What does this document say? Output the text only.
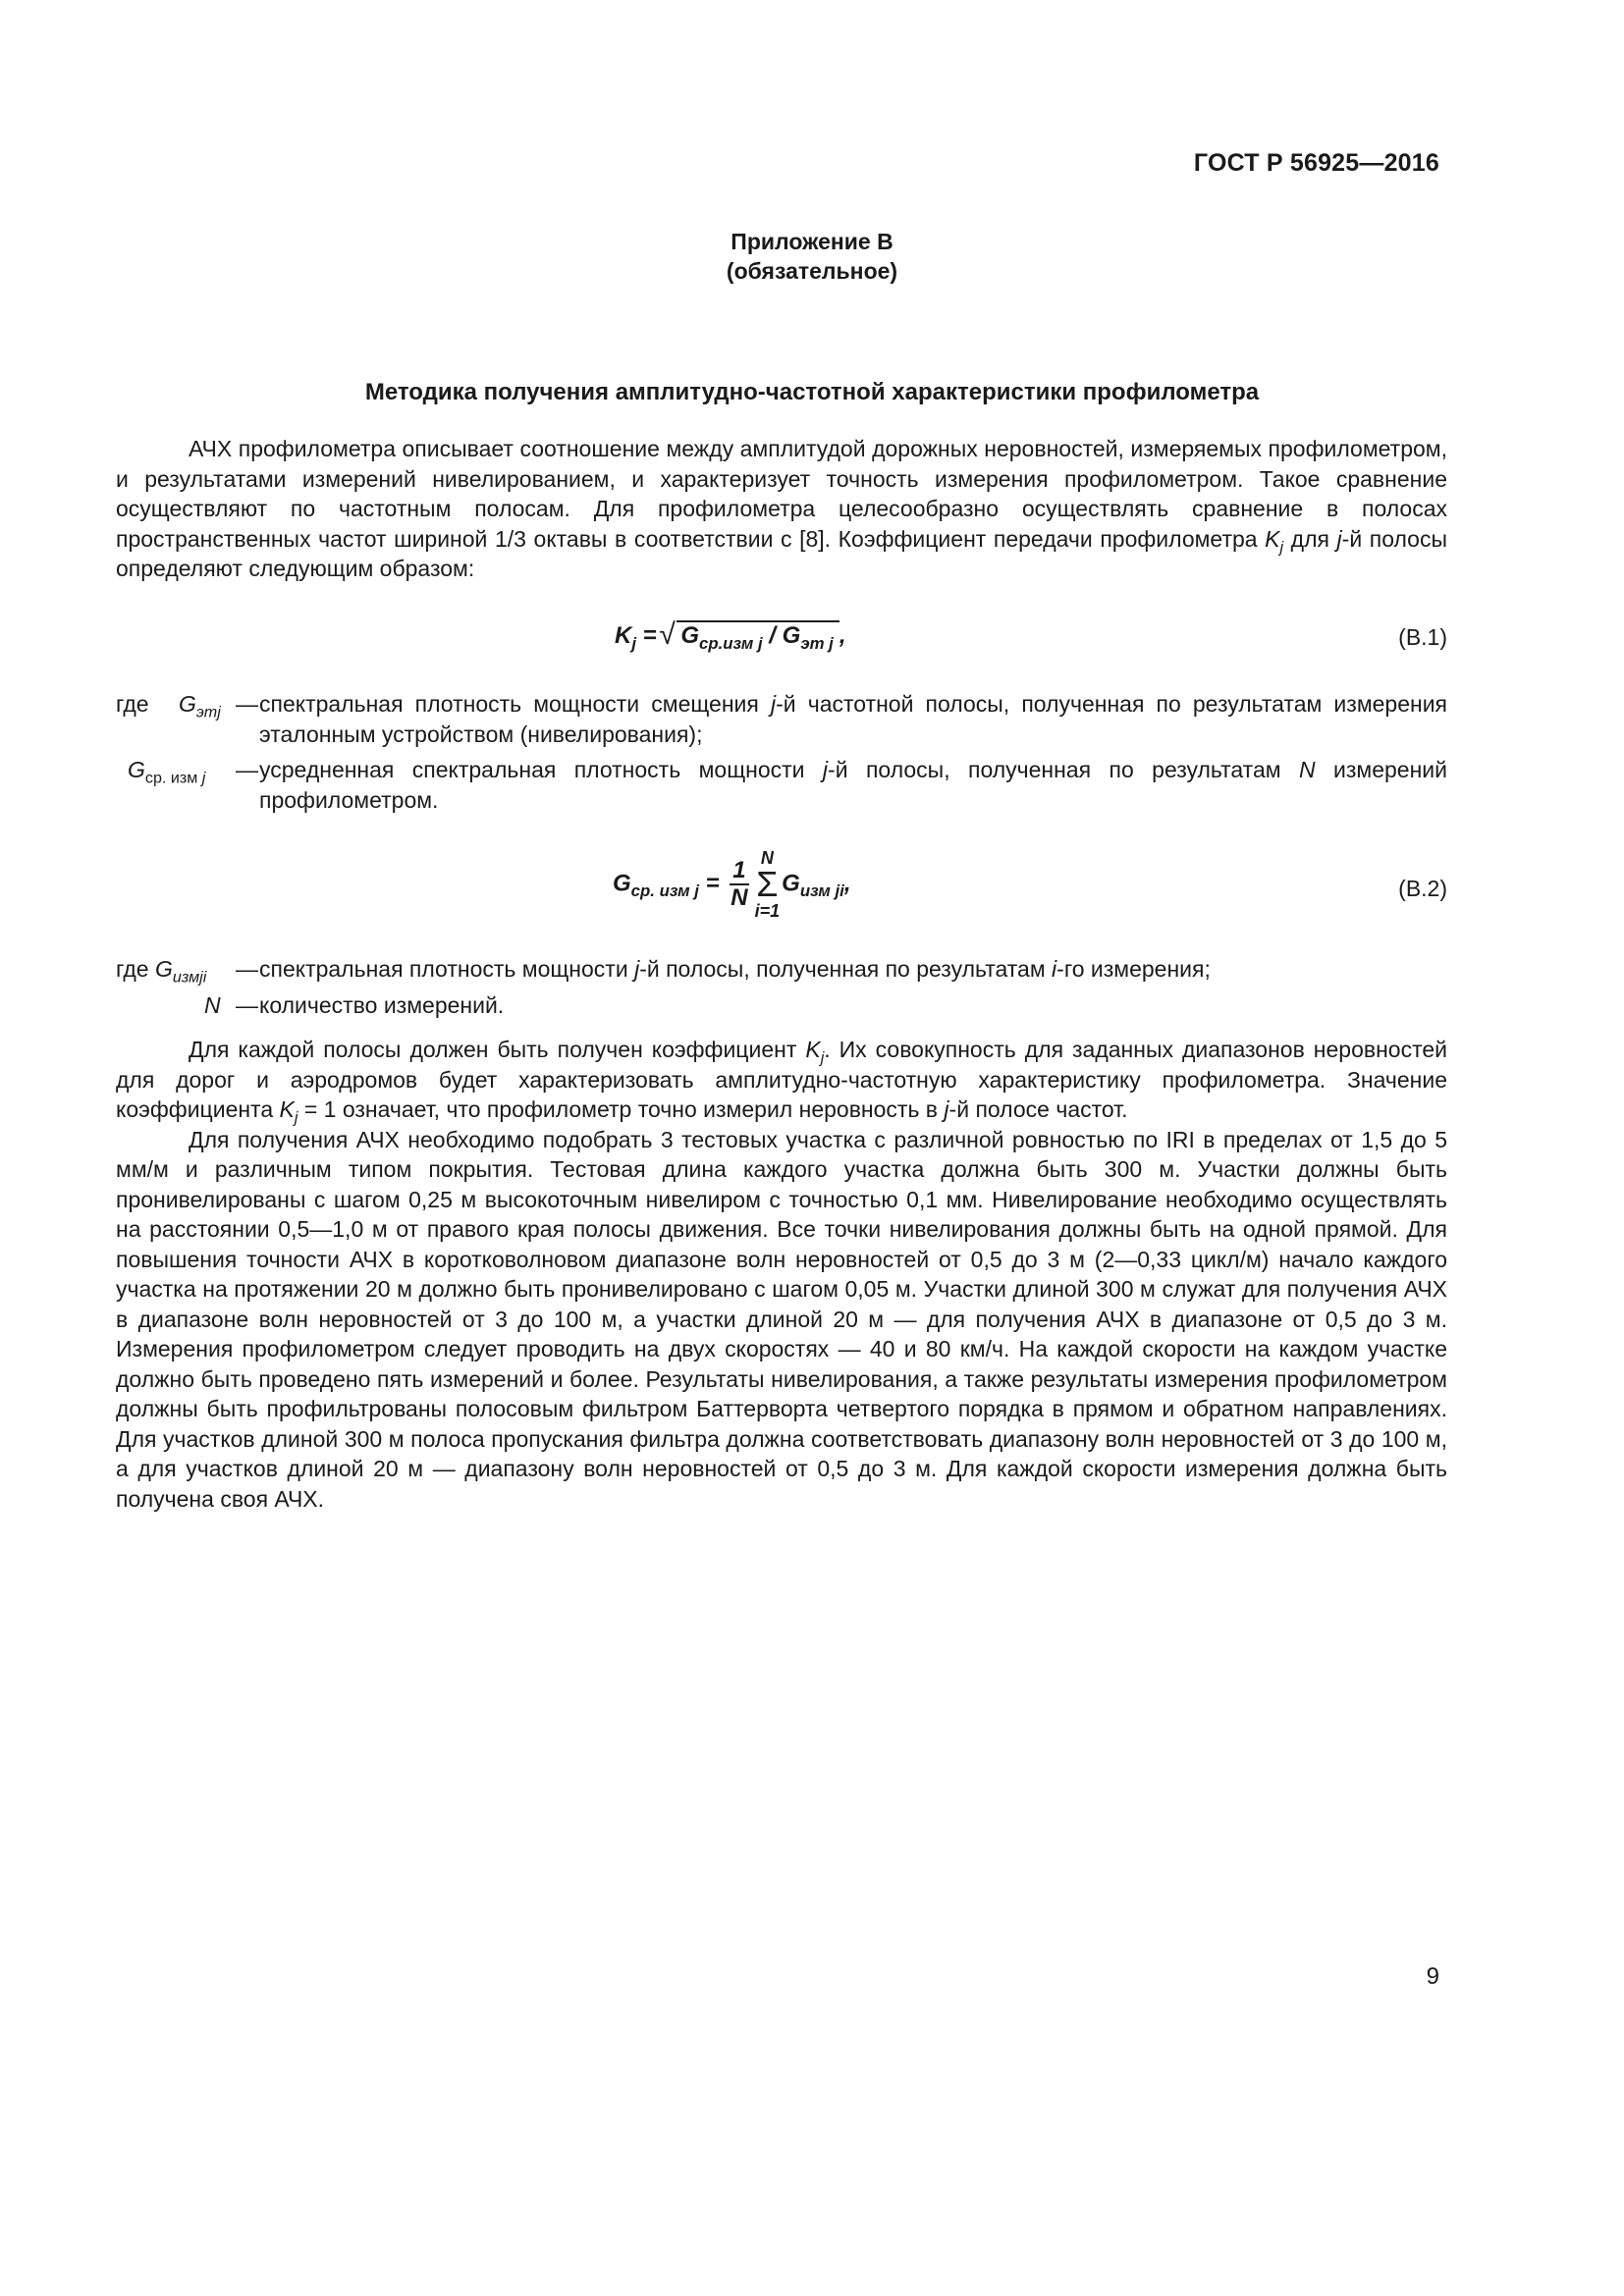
ГОСТ Р 56925—2016
Приложение В
(обязательное)
Методика получения амплитудно-частотной характеристики профилометра

АЧХ профилометра описывает соотношение между амплитудой дорожных неровностей, измеряемых профилометром, и результатами измерений нивелированием, и характеризует точность измерения профилометром. Такое сравнение осуществляют по частотным полосам. Для профилометра целесообразно осуществлять сравнение в полосах пространственных частот шириной 1/3 октавы в соответствии с [8]. Коэффициент передачи профилометра $K_j$ для j-й полосы определяют следующим образом:

$K_j$ = √ $G_{ср.изм j} / G_{эт j}$ ,	(В.1)
где $G_{этj}$ — спектральная плотность мощности смещения j-й частотной полосы, полученная по результатам измерения эталонным устройством (нивелирования);
$G_{ср. изм j}$ — усредненная спектральная плотность мощности j-й полосы, полученная по результатам N измерений профилометром.
$G_{ср. изм j} = \frac{1}{N}$ N
Σ
i=1
$G_{изм ji}$,	(В.2)
где $G_{измji}$ — спектральная плотность мощности j-й полосы, полученная по результатам i-го измерения;
N — количество измерений.

Для каждой полосы должен быть получен коэффициент $K_j$. Их совокупность для заданных диапазонов неровностей для дорог и аэродромов будет характеризовать амплитудно-частотную характеристику профилометра. Значение коэффициента $K_j = 1$ означает, что профилометр точно измерил неровность в j-й полосе частот.

Для получения АЧХ необходимо подобрать 3 тестовых участка с различной ровностью по IRI в пределах от 1,5 до 5 мм/м и различным типом покрытия. Тестовая длина каждого участка должна быть 300 м. Участки должны быть пронивелированы с шагом 0,25 м высокоточным нивелиром с точностью 0,1 мм. Нивелирование необходимо осуществлять на расстоянии 0,5—1,0 м от правого края полосы движения. Все точки нивелирования должны быть на одной прямой. Для повышения точности АЧХ в коротковолновом диапазоне волн неровностей от 0,5 до 3 м (2—0,33 цикл/м) начало каждого участка на протяжении 20 м должно быть пронивелировано с шагом 0,05 м. Участки длиной 300 м служат для получения АЧХ в диапазоне волн неровностей от 3 до 100 м, а участки длиной 20 м — для получения АЧХ в диапазоне от 0,5 до 3 м. Измерения профилометром следует проводить на двух скоростях — 40 и 80 км/ч. На каждой скорости на каждом участке должно быть проведено пять измерений и более. Результаты нивелирования, а также результаты измерения профилометром должны быть профильтрованы полосовым фильтром Баттерворта четвертого порядка в прямом и обратном направлениях. Для участков длиной 300 м полоса пропускания фильтра должна соответствовать диапазону волн неровностей от 3 до 100 м, а для участков длиной 20 м — диапазону волн неровностей от 0,5 до 3 м. Для каждой скорости измерения должна быть получена своя АЧХ.

9
